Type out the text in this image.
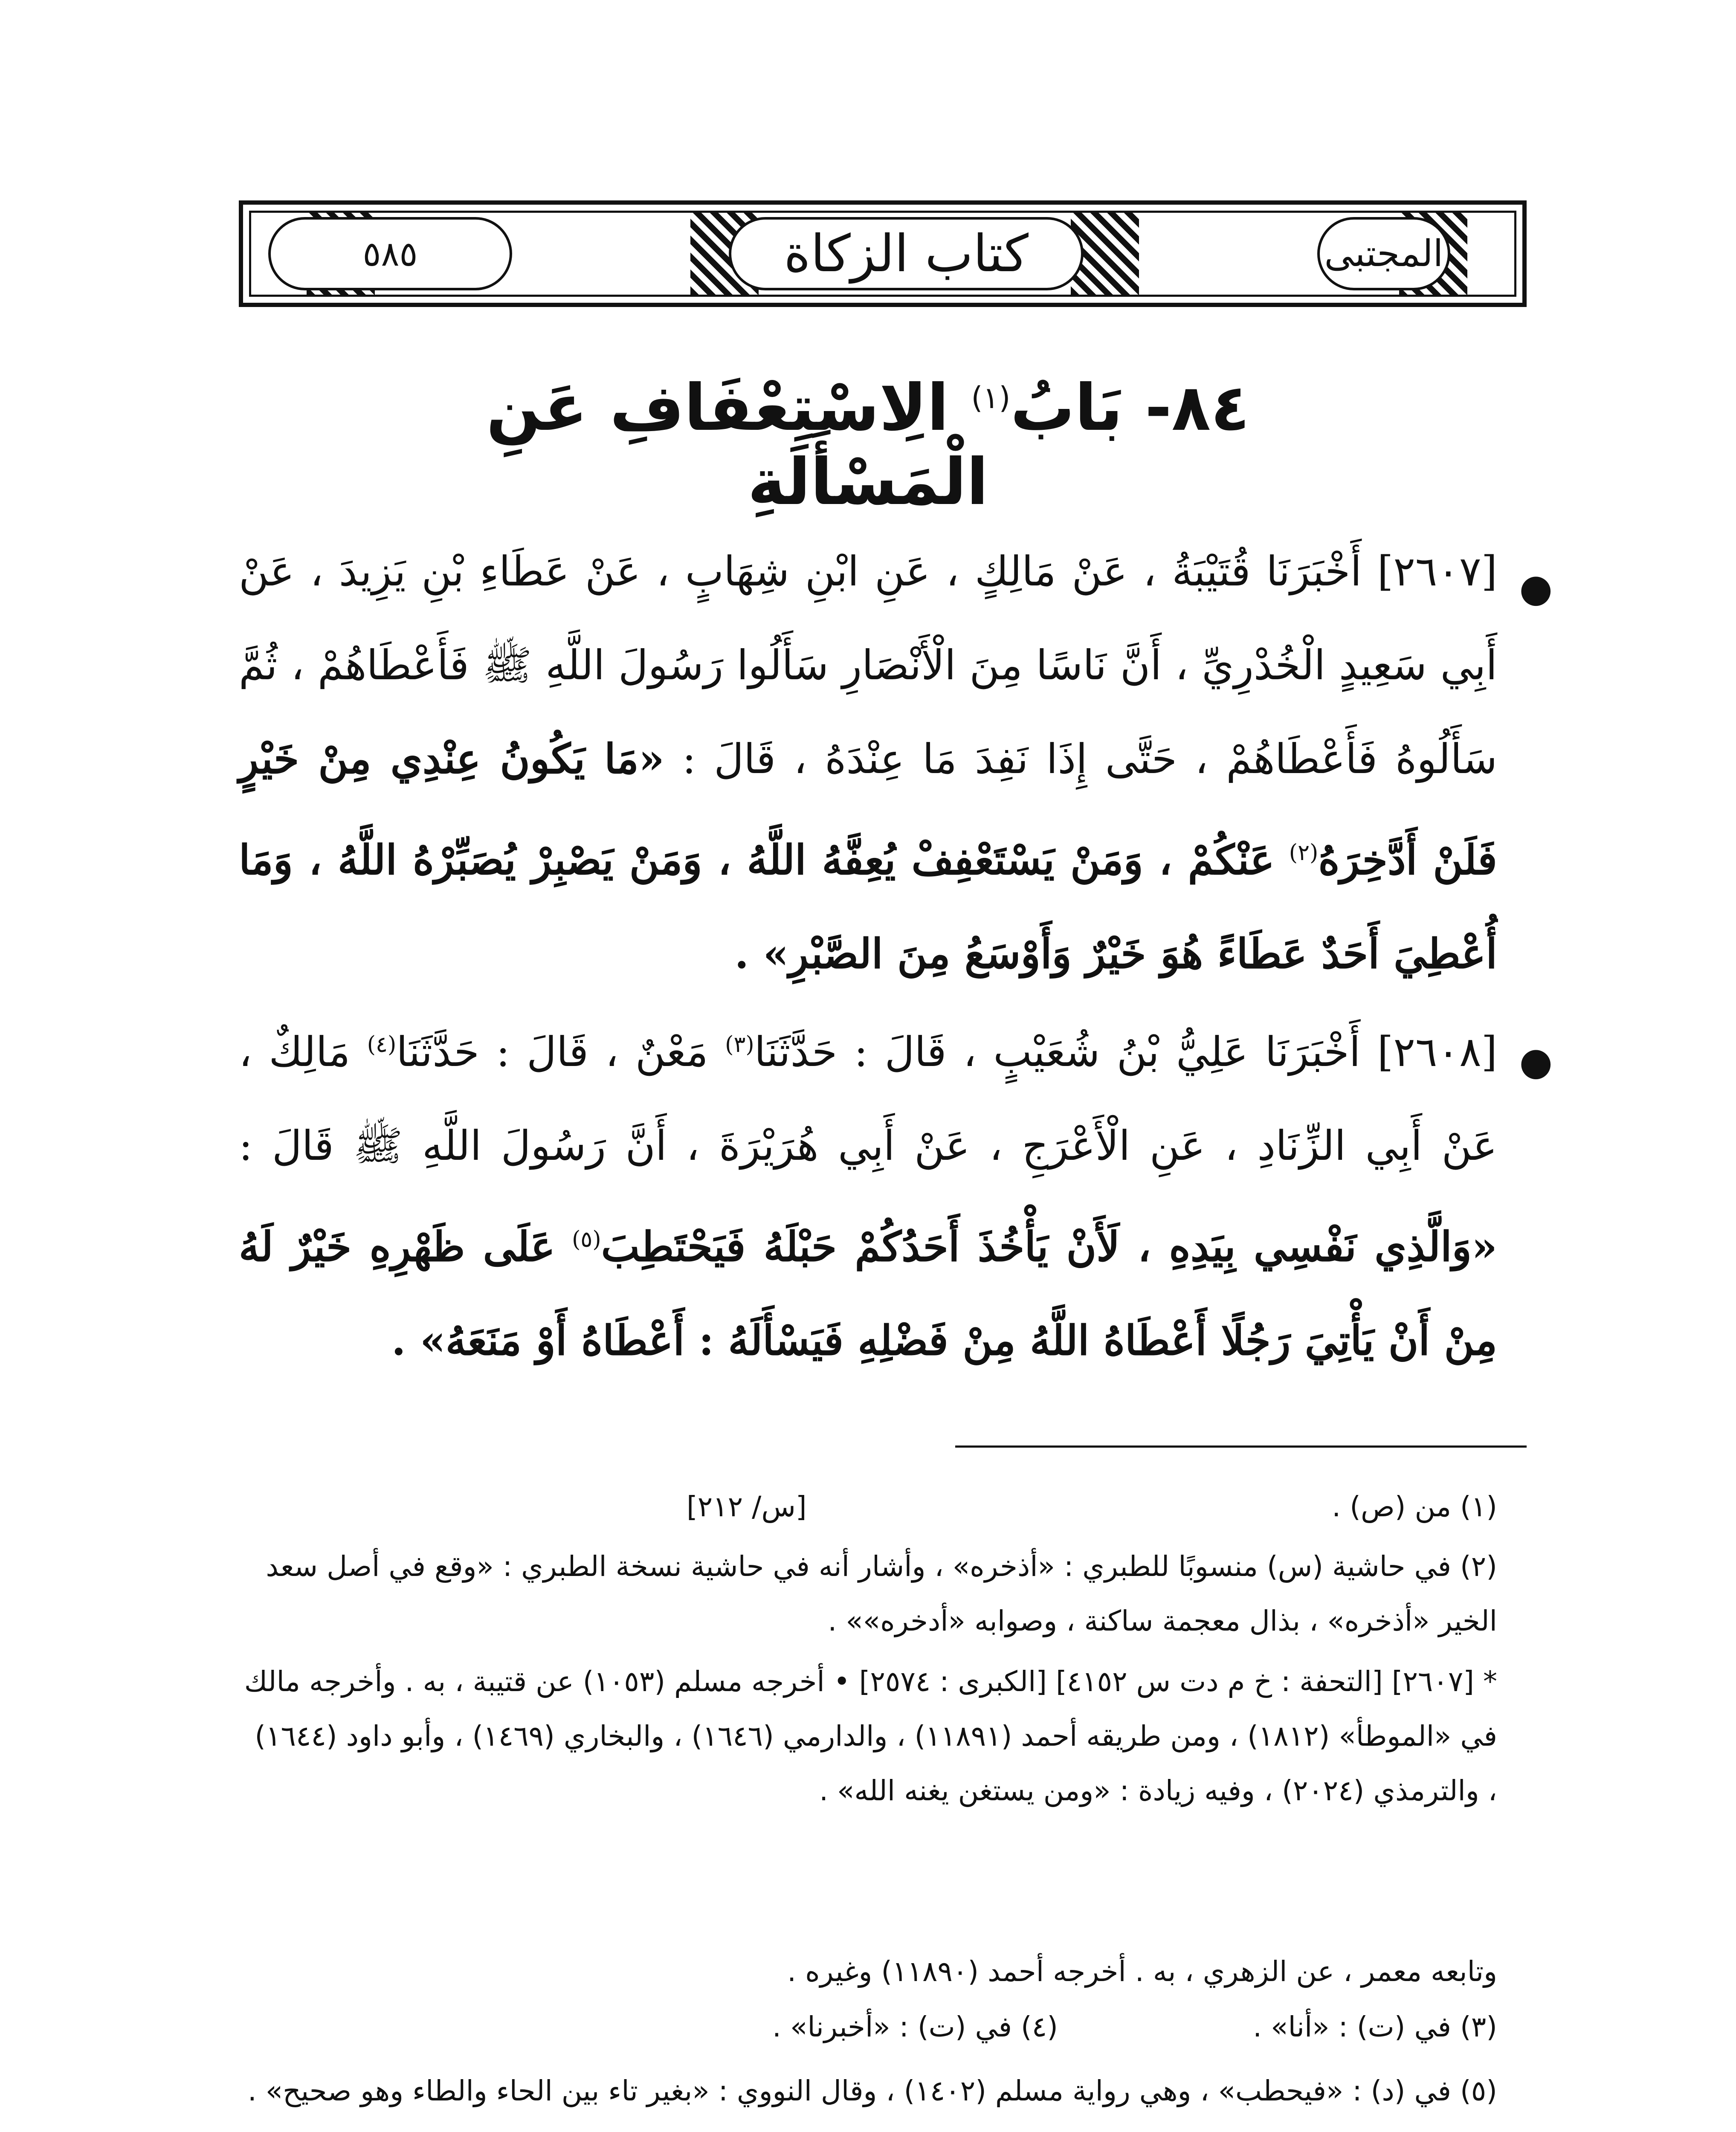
٥٨٥	كتاب الزكاة	المجتبى
٨٤- بَابُ$^{(١)}$ الِاسْتِعْفَافِ عَنِ الْمَسْأَلَةِ
●
[٢٦٠٧] أَخْبَرَنَا قُتَيْبَةُ ، عَنْ مَالِكٍ ، عَنِ ابْنِ شِهَابٍ ، عَنْ عَطَاءِ بْنِ يَزِيدَ ، عَنْ أَبِي سَعِيدٍ الْخُدْرِيِّ ، أَنَّ نَاسًا مِنَ الْأَنْصَارِ سَأَلُوا رَسُولَ اللَّهِ ﷺ فَأَعْطَاهُمْ ، ثُمَّ سَأَلُوهُ فَأَعْطَاهُمْ ، حَتَّى إِذَا نَفِدَ مَا عِنْدَهُ ، قَالَ : «مَا يَكُونُ عِنْدِي مِنْ خَيْرٍ فَلَنْ أَدَّخِرَهُ$^{(٢)}$ عَنْكُمْ ، وَمَنْ يَسْتَعْفِفْ يُعِفَّهُ اللَّهُ ، وَمَنْ يَصْبِرْ يُصَبِّرْهُ اللَّهُ ، وَمَا أُعْطِيَ أَحَدٌ عَطَاءً هُوَ خَيْرٌ وَأَوْسَعُ مِنَ الصَّبْرِ» .
●
[٢٦٠٨] أَخْبَرَنَا عَلِيُّ بْنُ شُعَيْبٍ ، قَالَ : حَدَّثَنَا$^{(٣)}$ مَعْنٌ ، قَالَ : حَدَّثَنَا$^{(٤)}$ مَالِكٌ ، عَنْ أَبِي الزِّنَادِ ، عَنِ الْأَعْرَجِ ، عَنْ أَبِي هُرَيْرَةَ ، أَنَّ رَسُولَ اللَّهِ ﷺ قَالَ : «وَالَّذِي نَفْسِي بِيَدِهِ ، لَأَنْ يَأْخُذَ أَحَدُكُمْ حَبْلَهُ فَيَحْتَطِبَ$^{(٥)}$ عَلَى ظَهْرِهِ خَيْرٌ لَهُ مِنْ أَنْ يَأْتِيَ رَجُلًا أَعْطَاهُ اللَّهُ مِنْ فَضْلِهِ فَيَسْأَلَهُ : أَعْطَاهُ أَوْ مَنَعَهُ» .
(١) من (ص) .
[س/ ٢١٢]
(٢) في حاشية (س) منسوبًا للطبري : «أذخره» ، وأشار أنه في حاشية نسخة الطبري : «وقع في أصل سعد الخير «أذخره» ، بذال معجمة ساكنة ، وصوابه «أدخره»» .
* [٢٦٠٧] [التحفة : خ م دت س ٤١٥٢] [الكبرى : ٢٥٧٤] • أخرجه مسلم (١٠٥٣) عن قتيبة ، به . وأخرجه مالك في «الموطأ» (١٨١٢) ، ومن طريقه أحمد (١١٨٩١) ، والدارمي (١٦٤٦) ، والبخاري (١٤٦٩) ، وأبو داود (١٦٤٤) ، والترمذي (٢٠٢٤) ، وفيه زيادة : «ومن يستغن يغنه الله» .
وتابعه معمر ، عن الزهري ، به . أخرجه أحمد (١١٨٩٠) وغيره .
(٣) في (ت) : «أنا» .
(٤) في (ت) : «أخبرنا» .
(٥) في (د) : «فيحطب» ، وهي رواية مسلم (١٤٠٢) ، وقال النووي : «بغير تاء بين الحاء والطاء وهو صحيح» .
